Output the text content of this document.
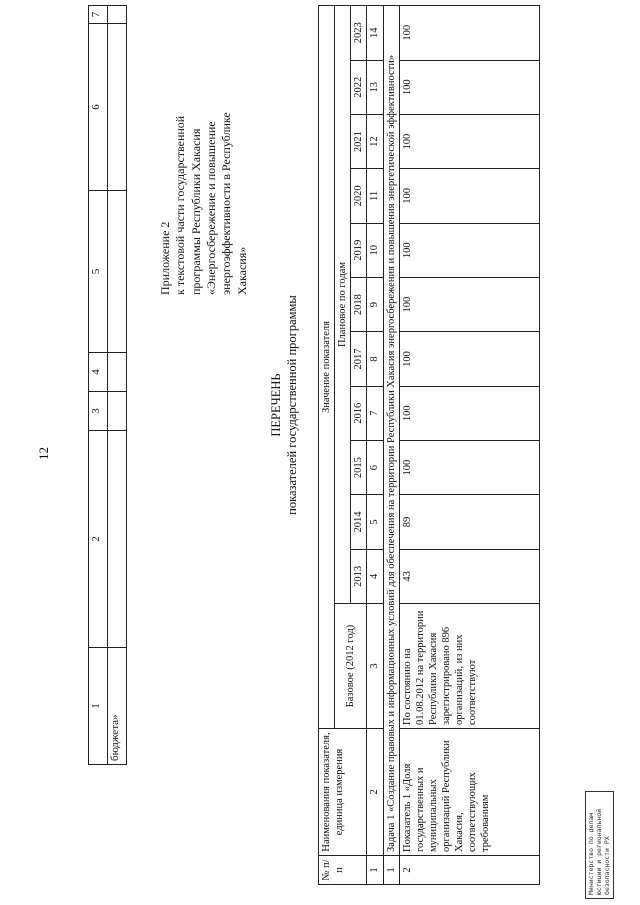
12
1	2	3	4	5	6	7
бюджета»						
Приложение 2 к текстовой части государственной программы Республики Хакасия «Энергосбережение и повышение энергоэффективности в Республике Хакасия»
ПЕРЕЧЕНЬ показателей государственной программы
№ п/п	Наименования показателя, единица измерения	Значение показателя											
		Базовое (2012 год)	Плановое по годам										
			2013	2014	2015	2016	2017	2018	2019	2020	2021	2022	2023
1	2	3	4	5	6	7	8	9	10	11	12	13	14
1	Задача 1 «Создание правовых и информационных условий для обеспечения на территории Республики Хакасия энергосбережения и повышения энергетической эффективности»												
2	Показатель 1 «Доля государственных и муниципальных организаций Республики Хакасия, соответствующих требованиям	По состоянию на 01.08.2012 на территории Республики Хакасия зарегистрировано 896 организаций, из них соответствуют	43	89	100	100	100	100	100	100	100	100	100
Министерство по делам юстиции и региональной безопасности РХ
